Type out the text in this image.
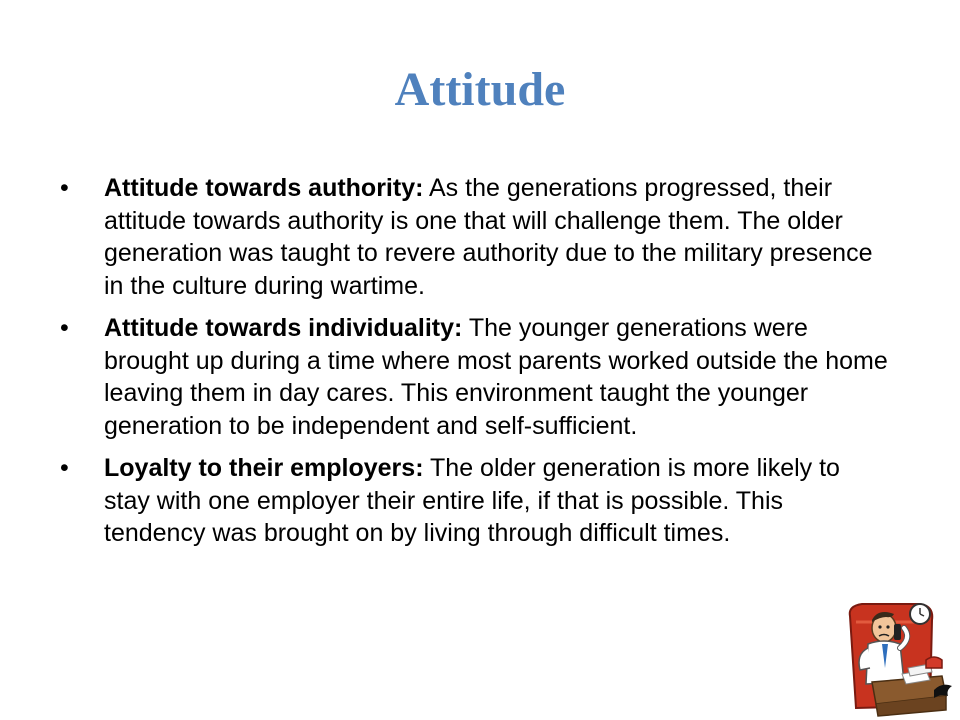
Attitude
•	Attitude towards authority: As the generations progressed, their attitude towards authority is one that will challenge them. The older generation was taught to revere authority due to the military presence in the culture during wartime.
•	Attitude towards individuality: The younger generations were brought up during a time where most parents worked outside the home leaving them in day cares. This environment taught the younger generation to be independent and self-sufficient.
•	Loyalty to their employers: The older generation is more likely to stay with one employer their entire life, if that is possible. This tendency was brought on by living through difficult times.
